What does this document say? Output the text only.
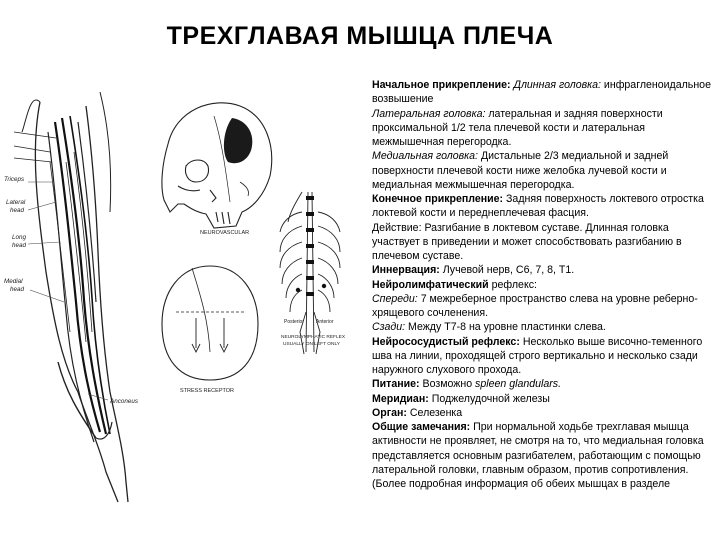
ТРЕХГЛАВАЯ МЫШЦА ПЛЕЧА
Triceps
Lateral
head
Long
head
Medial
head
Anconeus
NEUROVASCULAR
Posterior Anterior
NEUROLYMPHATIC REFLEX
USUALLY ON LEFT ONLY
STRESS RECEPTOR

Начальное прикрепление: Длинная головка: инфрагленоидальное возвышение

Латеральная головка: латеральная и задняя поверхности проксимальной 1/2 тела плечевой кости и латеральная межмышечная перегородка.

Медиальная головка: Дистальные 2/3 медиальной и задней поверхности плечевой кости ниже желобка лучевой кости и медиальная межмышечная перегородка.

Конечное прикрепление: Задняя поверхность локтевого отростка локтевой кости и переднеплечевая фасция.

Действие: Разгибание в локтевом суставе. Длинная головка участвует в приведении и может способствовать разгибанию в плечевом суставе.

Иннервация: Лучевой нерв, С6, 7, 8, Т1.

Нейролимфатический рефлекс:

Спереди: 7 межреберное пространство слева на уровне реберно-хрящевого сочленения.

Сзади: Между Т7-8 на уровне пластинки слева.

Нейрососудистый рефлекс: Несколько выше височно-теменного шва на линии, проходящей строго вертикально и несколько сзади наружного слухового прохода.

Питание: Возможно spleen glandulars.

Меридиан: Поджелудочной железы

Орган: Селезенка

Общие замечания: При нормальной ходьбе трехглавая мышца активности не проявляет, не смотря на то, что медиальная головка представляется основным разгибателем, работающим с помощью латеральной головки, главным образом, против сопротивления. (Более подробная информация об обеих мышцах в разделе
